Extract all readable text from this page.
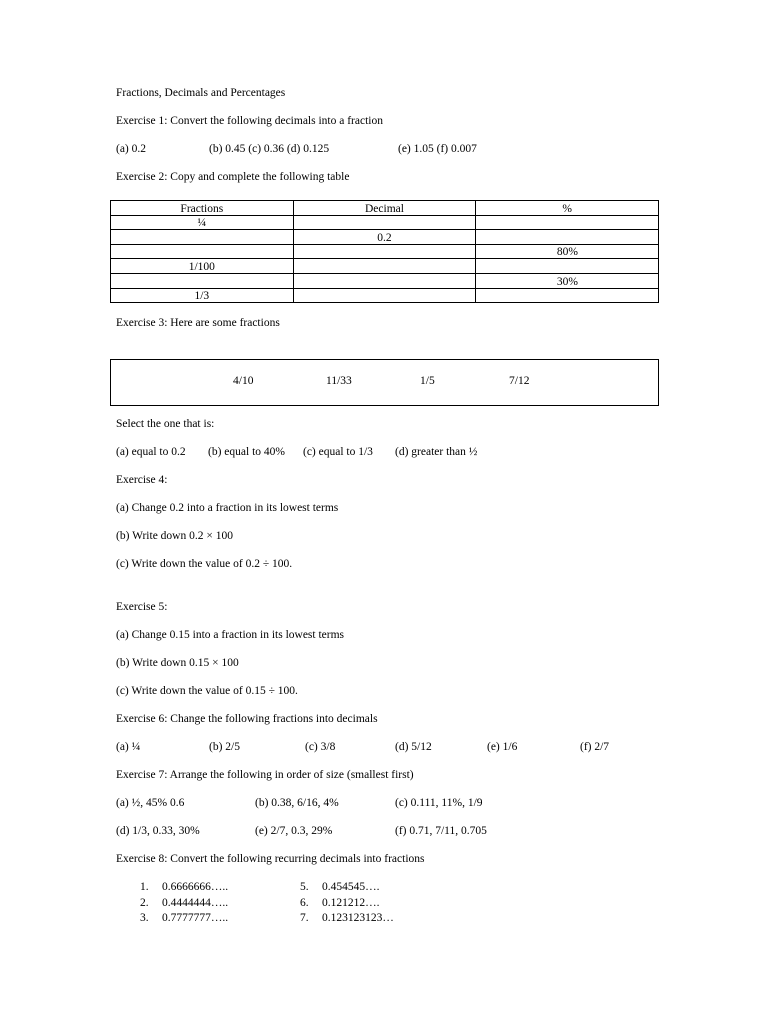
Fractions, Decimals and Percentages
Exercise 1: Convert the following decimals into a fraction
(a) 0.2	(b) 0.45 (c) 0.36 (d) 0.125	(e) 1.05 (f) 0.007
Exercise 2: Copy and complete the following table
Fractions	Decimal	%
¼		
	0.2	
		80%
1/100		
		30%
1/3		
Exercise 3: Here are some fractions
4/10	11/33	1/5	7/12
Select the one that is:
(a) equal to 0.2 (b) equal to 40% (c) equal to 1/3 (d) greater than ½
Exercise 4:
(a) Change 0.2 into a fraction in its lowest terms
(b) Write down 0.2 × 100
(c) Write down the value of 0.2 ÷ 100.
Exercise 5:
(a) Change 0.15 into a fraction in its lowest terms
(b) Write down 0.15 × 100
(c) Write down the value of 0.15 ÷ 100.
Exercise 6: Change the following fractions into decimals
(a) ¼	(b) 2/5	(c) 3/8	(d) 5/12	(e) 1/6	(f) 2/7
Exercise 7: Arrange the following in order of size (smallest first)
(a) ½, 45% 0.6	(b) 0.38, 6/16, 4%	(c) 0.111, 11%, 1/9
(d) 1/3, 0.33, 30%	(e) 2/7, 0.3, 29%	(f) 0.71, 7/11, 0.705
Exercise 8: Convert the following recurring decimals into fractions
1. 0.6666666…..
2. 0.4444444…..
3. 0.7777777…..
5. 0.454545….
6. 0.121212….
7. 0.123123123…
